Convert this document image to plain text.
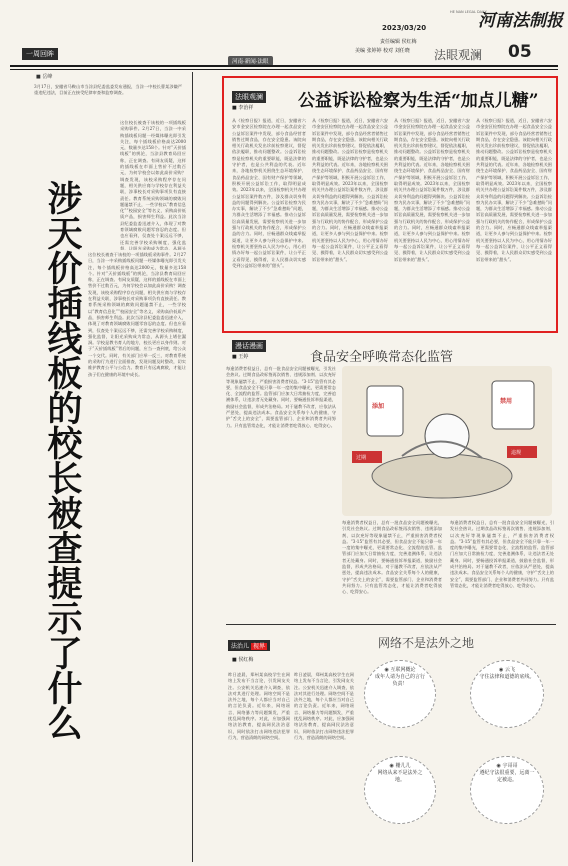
一周回眸
河南·新闻·法眼
2023/03/20
责任编辑 侯红梅
美编 张婷婷 校对 刘任晓
HE NAN LEGAL DAILY
河南法制报
法眼观澜 05
■ 岳峰
3月17日，安徽省马鞍山市当涂县纪委监委发布通报，当涂一中校长曹某涉嫌严重违纪违法，目前正在接受纪律审查和监察调查。
这位校长被查于该校的一项插线板采购事件。2月27日，当涂一中采购插线板问题一经媒体曝光即引发关注，每个插线板价格高达2000元，数量多达158个。针对“天价插线板”的舆论，当涂县教育局回应称，正在调查。有网友质疑，这样的插线板在市面上售价不过数百元，为何学校会以如此高价采购？调查发现，该校采购程序存在问题，相关供应商与学校存在利益关联，涉事校长对采购事项负有直接责任。教育系统采购领域的腐败问题屡禁不止，一些学校以“教育信息化”“校园安全”等名义，采购高价低质产品，损害师生利益。此次当涂县纪委监委迅速介入，体现了对教育领域腐败问题零容忍的态度。但也应看到，仅查处个案远远不够，还需完善学校采购制度，强化监督，让阳光采购成为常态，从源头
这位校长被查于该校的一项插线板采购事件。2月27日，当涂一中采购插线板问题一经媒体曝光即引发关注，每个插线板价格高达2000元，数量多达158个。针对“天价插线板”的舆论，当涂县教育局回应称，正在调查。有网友质疑，这样的插线板在市面上售价不过数百元，为何学校会以如此高价采购？调查发现，该校采购程序存在问题，相关供应商与学校存在利益关联，涉事校长对采购事项负有直接责任。教育系统采购领域的腐败问题屡禁不止，一些学校以“教育信息化”“校园安全”等名义，采购高价低质产品，损害师生利益。此次当涂县纪委监委迅速介入，体现了对教育领域腐败问题零容忍的态度。但也应看到，仅查处个案远远不够，还需完善学校采购制度，强化监督，让阳光采购成为常态，从源头上堵住漏洞。学校是教书育人的地方，校长更应以身作则。对于“天价插线板”背后的问题，应当一查到底，给公众一个交代。同时，有关部门应举一反三，对教育系统的采购行为进行全面排查，发现问题及时整改，切实维护教育公平与公信力。教育只有远离腐败，才能让孩子们在健康的环境中成长。
涉天价插线板的校长被查提示了什么
法眼观澜
■ 李治祥	公益诉讼检察为生活“加点儿糖”
从《检察日报》报道，近日，安徽省六安市金安区检察院在办理一起食品安全公益诉讼案件中发现，部分食品经营者销售过期食品，存在安全隐患。该院向相关行政机关发出诊前检察建议，督促依法履职，推动问题整改。公益诉讼检察是检察机关的重要职能，既是法律的守护者，也是公共利益的代表。近年来，各地检察机关围绕生态环境保护、食品药品安全、国有财产保护等领域，积极开展公益诉讼工作，取得明显成效。2023年以来，全国检察机关共办理公益诉讼案件数万件，涉及群众切身利益的问题得到解决。公益诉讼检察为民办实事，解决了不少“急难愁盼”问题，为群众生活增添了幸福感。推动公益诉讼高质量发展，需要检察机关进一步加强与行政机关的协作配合，形成保护公益的合力。同时，应畅通群众线索举报渠道，让更多人参与到公益保护中来。检察机关要坚持以人民为中心，用心用情办好每一起公益诉讼案件，让公平正义看得见、摸得着，让人民群众切实感受到公益诉讼带来的“甜头”。
从《检察日报》报道，近日，安徽省六安市金安区检察院在办理一起食品安全公益诉讼案件中发现，部分食品经营者销售过期食品，存在安全隐患。该院向相关行政机关发出诊前检察建议，督促依法履职，推动问题整改。公益诉讼检察是检察机关的重要职能，既是法律的守护者，也是公共利益的代表。近年来，各地检察机关围绕生态环境保护、食品药品安全、国有财产保护等领域，积极开展公益诉讼工作，取得明显成效。2023年以来，全国检察机关共办理公益诉讼案件数万件，涉及群众切身利益的问题得到解决。公益诉讼检察为民办实事，解决了不少“急难愁盼”问题，为群众生活增添了幸福感。推动公益诉讼高质量发展，需要检察机关进一步加强与行政机关的协作配合，形成保护公益的合力。同时，应畅通群众线索举报渠道，让更多人参与到公益保护中来。检察机关要坚持以人民为中心，用心用情办好每一起公益诉讼案件，让公平正义看得见、摸得着，让人民群众切实感受到公益诉讼带来的“甜头”。
从《检察日报》报道，近日，安徽省六安市金安区检察院在办理一起食品安全公益诉讼案件中发现，部分食品经营者销售过期食品，存在安全隐患。该院向相关行政机关发出诊前检察建议，督促依法履职，推动问题整改。公益诉讼检察是检察机关的重要职能，既是法律的守护者，也是公共利益的代表。近年来，各地检察机关围绕生态环境保护、食品药品安全、国有财产保护等领域，积极开展公益诉讼工作，取得明显成效。2023年以来，全国检察机关共办理公益诉讼案件数万件，涉及群众切身利益的问题得到解决。公益诉讼检察为民办实事，解决了不少“急难愁盼”问题，为群众生活增添了幸福感。推动公益诉讼高质量发展，需要检察机关进一步加强与行政机关的协作配合，形成保护公益的合力。同时，应畅通群众线索举报渠道，让更多人参与到公益保护中来。检察机关要坚持以人民为中心，用心用情办好每一起公益诉讼案件，让公平正义看得见、摸得着，让人民群众切实感受到公益诉讼带来的“甜头”。
从《检察日报》报道，近日，安徽省六安市金安区检察院在办理一起食品安全公益诉讼案件中发现，部分食品经营者销售过期食品，存在安全隐患。该院向相关行政机关发出诊前检察建议，督促依法履职，推动问题整改。公益诉讼检察是检察机关的重要职能，既是法律的守护者，也是公共利益的代表。近年来，各地检察机关围绕生态环境保护、食品药品安全、国有财产保护等领域，积极开展公益诉讼工作，取得明显成效。2023年以来，全国检察机关共办理公益诉讼案件数万件，涉及群众切身利益的问题得到解决。公益诉讼检察为民办实事，解决了不少“急难愁盼”问题，为群众生活增添了幸福感。推动公益诉讼高质量发展，需要检察机关进一步加强与行政机关的协作配合，形成保护公益的合力。同时，应畅通群众线索举报渠道，让更多人参与到公益保护中来。检察机关要坚持以人民为中心，用心用情办好每一起公益诉讼案件，让公平正义看得见、摸得着，让人民群众切实感受到公益诉讼带来的“甜头”。
漫话漫画
■ 王婷	食品安全呼唤常态化监管
每逢消费者权益日，总有一批食品安全问题被曝光，引发社会热议。过期食品改标签再次销售、违规添加剂、以次充好等现象屡禁不止，严重损害消费者权益。“3·15”监管有其必要，但食品安全不能只靠一年一度的集中曝光，更需要常态化、全流程的监管。监管部门应加大日常抽检力度，完善追溯体系，让违法者无处藏身。同时，要畅通投诉举报渠道，鼓励社会监督，形成共治格局。对于屡教不改者，应依法从严惩处，提高违法成本。食品安全关系每个人的健康，守护“舌尖上的安全”，需要监管部门、企业和消费者共同努力。只有监管常态化，才能让消费者吃得放心、吃得安心。
过期
添加
禁用
违规
每逢消费者权益日，总有一批食品安全问题被曝光，引发社会热议。过期食品改标签再次销售、违规添加剂、以次充好等现象屡禁不止，严重损害消费者权益。“3·15”监管有其必要，但食品安全不能只靠一年一度的集中曝光，更需要常态化、全流程的监管。监管部门应加大日常抽检力度，完善追溯体系，让违法者无处藏身。同时，要畅通投诉举报渠道，鼓励社会监督，形成共治格局。对于屡教不改者，应依法从严惩处，提高违法成本。食品安全关系每个人的健康，守护“舌尖上的安全”，需要监管部门、企业和消费者共同努力。只有监管常态化，才能让消费者吃得放心、吃得安心。
每逢消费者权益日，总有一批食品安全问题被曝光，引发社会热议。过期食品改标签再次销售、违规添加剂、以次充好等现象屡禁不止，严重损害消费者权益。“3·15”监管有其必要，但食品安全不能只靠一年一度的集中曝光，更需要常态化、全流程的监管。监管部门应加大日常抽检力度，完善追溯体系，让违法者无处藏身。同时，要畅通投诉举报渠道，鼓励社会监督，形成共治格局。对于屡教不改者，应依法从严惩处，提高违法成本。食品安全关系每个人的健康，守护“舌尖上的安全”，需要监管部门、企业和消费者共同努力。只有监管常态化，才能让消费者吃得放心、吃得安心。
法治儿 视界
■ 侯红梅
网络不是法外之地
昨日凌晨，郑州某高校学生在网络上发布不当言论，引发网友关注。公安机关迅速介入调查，依法对其进行处理。网络空间不是法外之地，每个人都应当对自己的言论负责。近年来，网络谣言、网络暴力等问题频发，严重扰乱网络秩序。对此，应加强网络法治教育，提高网民法治意识，同时依法打击网络违法犯罪行为，营造清朗的网络空间。
昨日凌晨，郑州某高校学生在网络上发布不当言论，引发网友关注。公安机关迅速介入调查，依法对其进行处理。网络空间不是法外之地，每个人都应当对自己的言论负责。近年来，网络谣言、网络暴力等问题频发，严重扰乱网络秩序。对此，应加强网络法治教育，提高网民法治意识，同时依法打击网络违法犯罪行为，营造清朗的网络空间。
◉ 互联网概论
成年人请为自己的言行负责！
◉ 云飞
守住法律和道德的底线。
◉ 栅儿儿
网络从来不是法外之地。
◉ 宇哥哥
遵纪守法很重要，远离一定被违。
